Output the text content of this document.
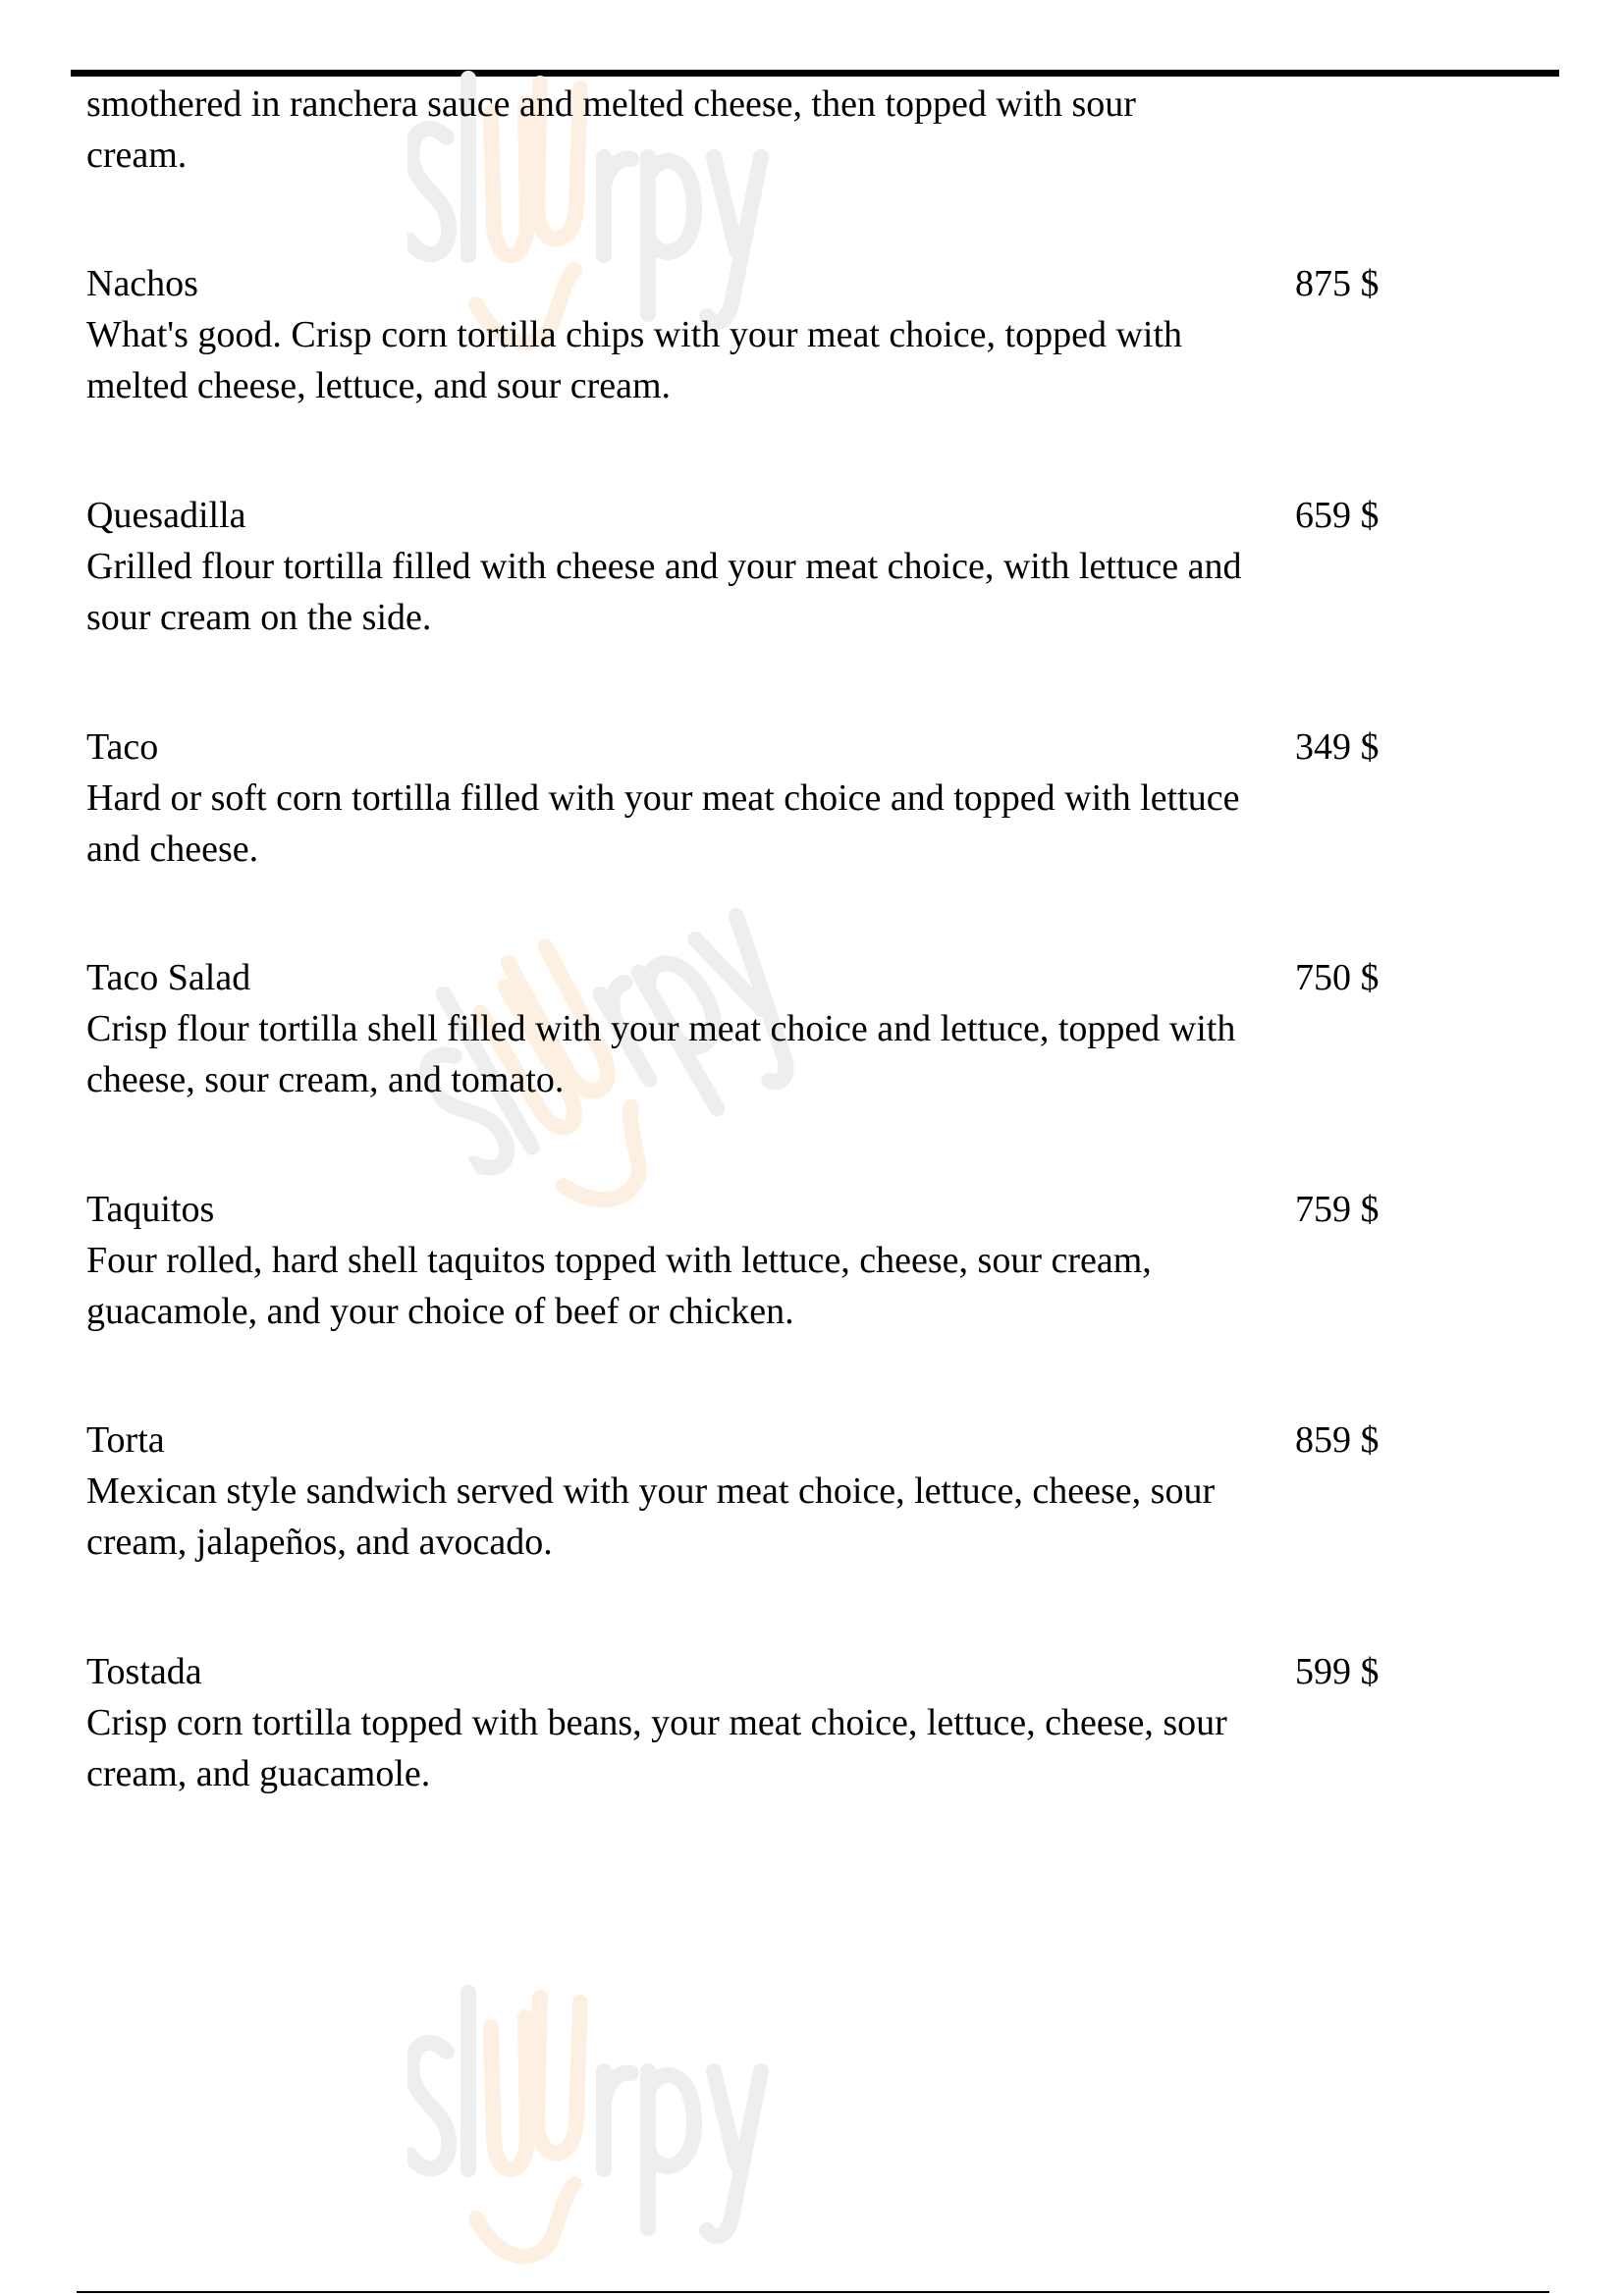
smothered in ranchera sauce and melted cheese, then topped with sour cream.
Nachos
What's good. Crisp corn tortilla chips with your meat choice, topped with melted cheese, lettuce, and sour cream.
875 $
Quesadilla
Grilled flour tortilla filled with cheese and your meat choice, with lettuce and sour cream on the side.
659 $
Taco
Hard or soft corn tortilla filled with your meat choice and topped with lettuce and cheese.
349 $
Taco Salad
Crisp flour tortilla shell filled with your meat choice and lettuce, topped with cheese, sour cream, and tomato.
750 $
Taquitos
Four rolled, hard shell taquitos topped with lettuce, cheese, sour cream, guacamole, and your choice of beef or chicken.
759 $
Torta
Mexican style sandwich served with your meat choice, lettuce, cheese, sour cream, jalapeños, and avocado.
859 $
Tostada
Crisp corn tortilla topped with beans, your meat choice, lettuce, cheese, sour cream, and guacamole.
599 $
